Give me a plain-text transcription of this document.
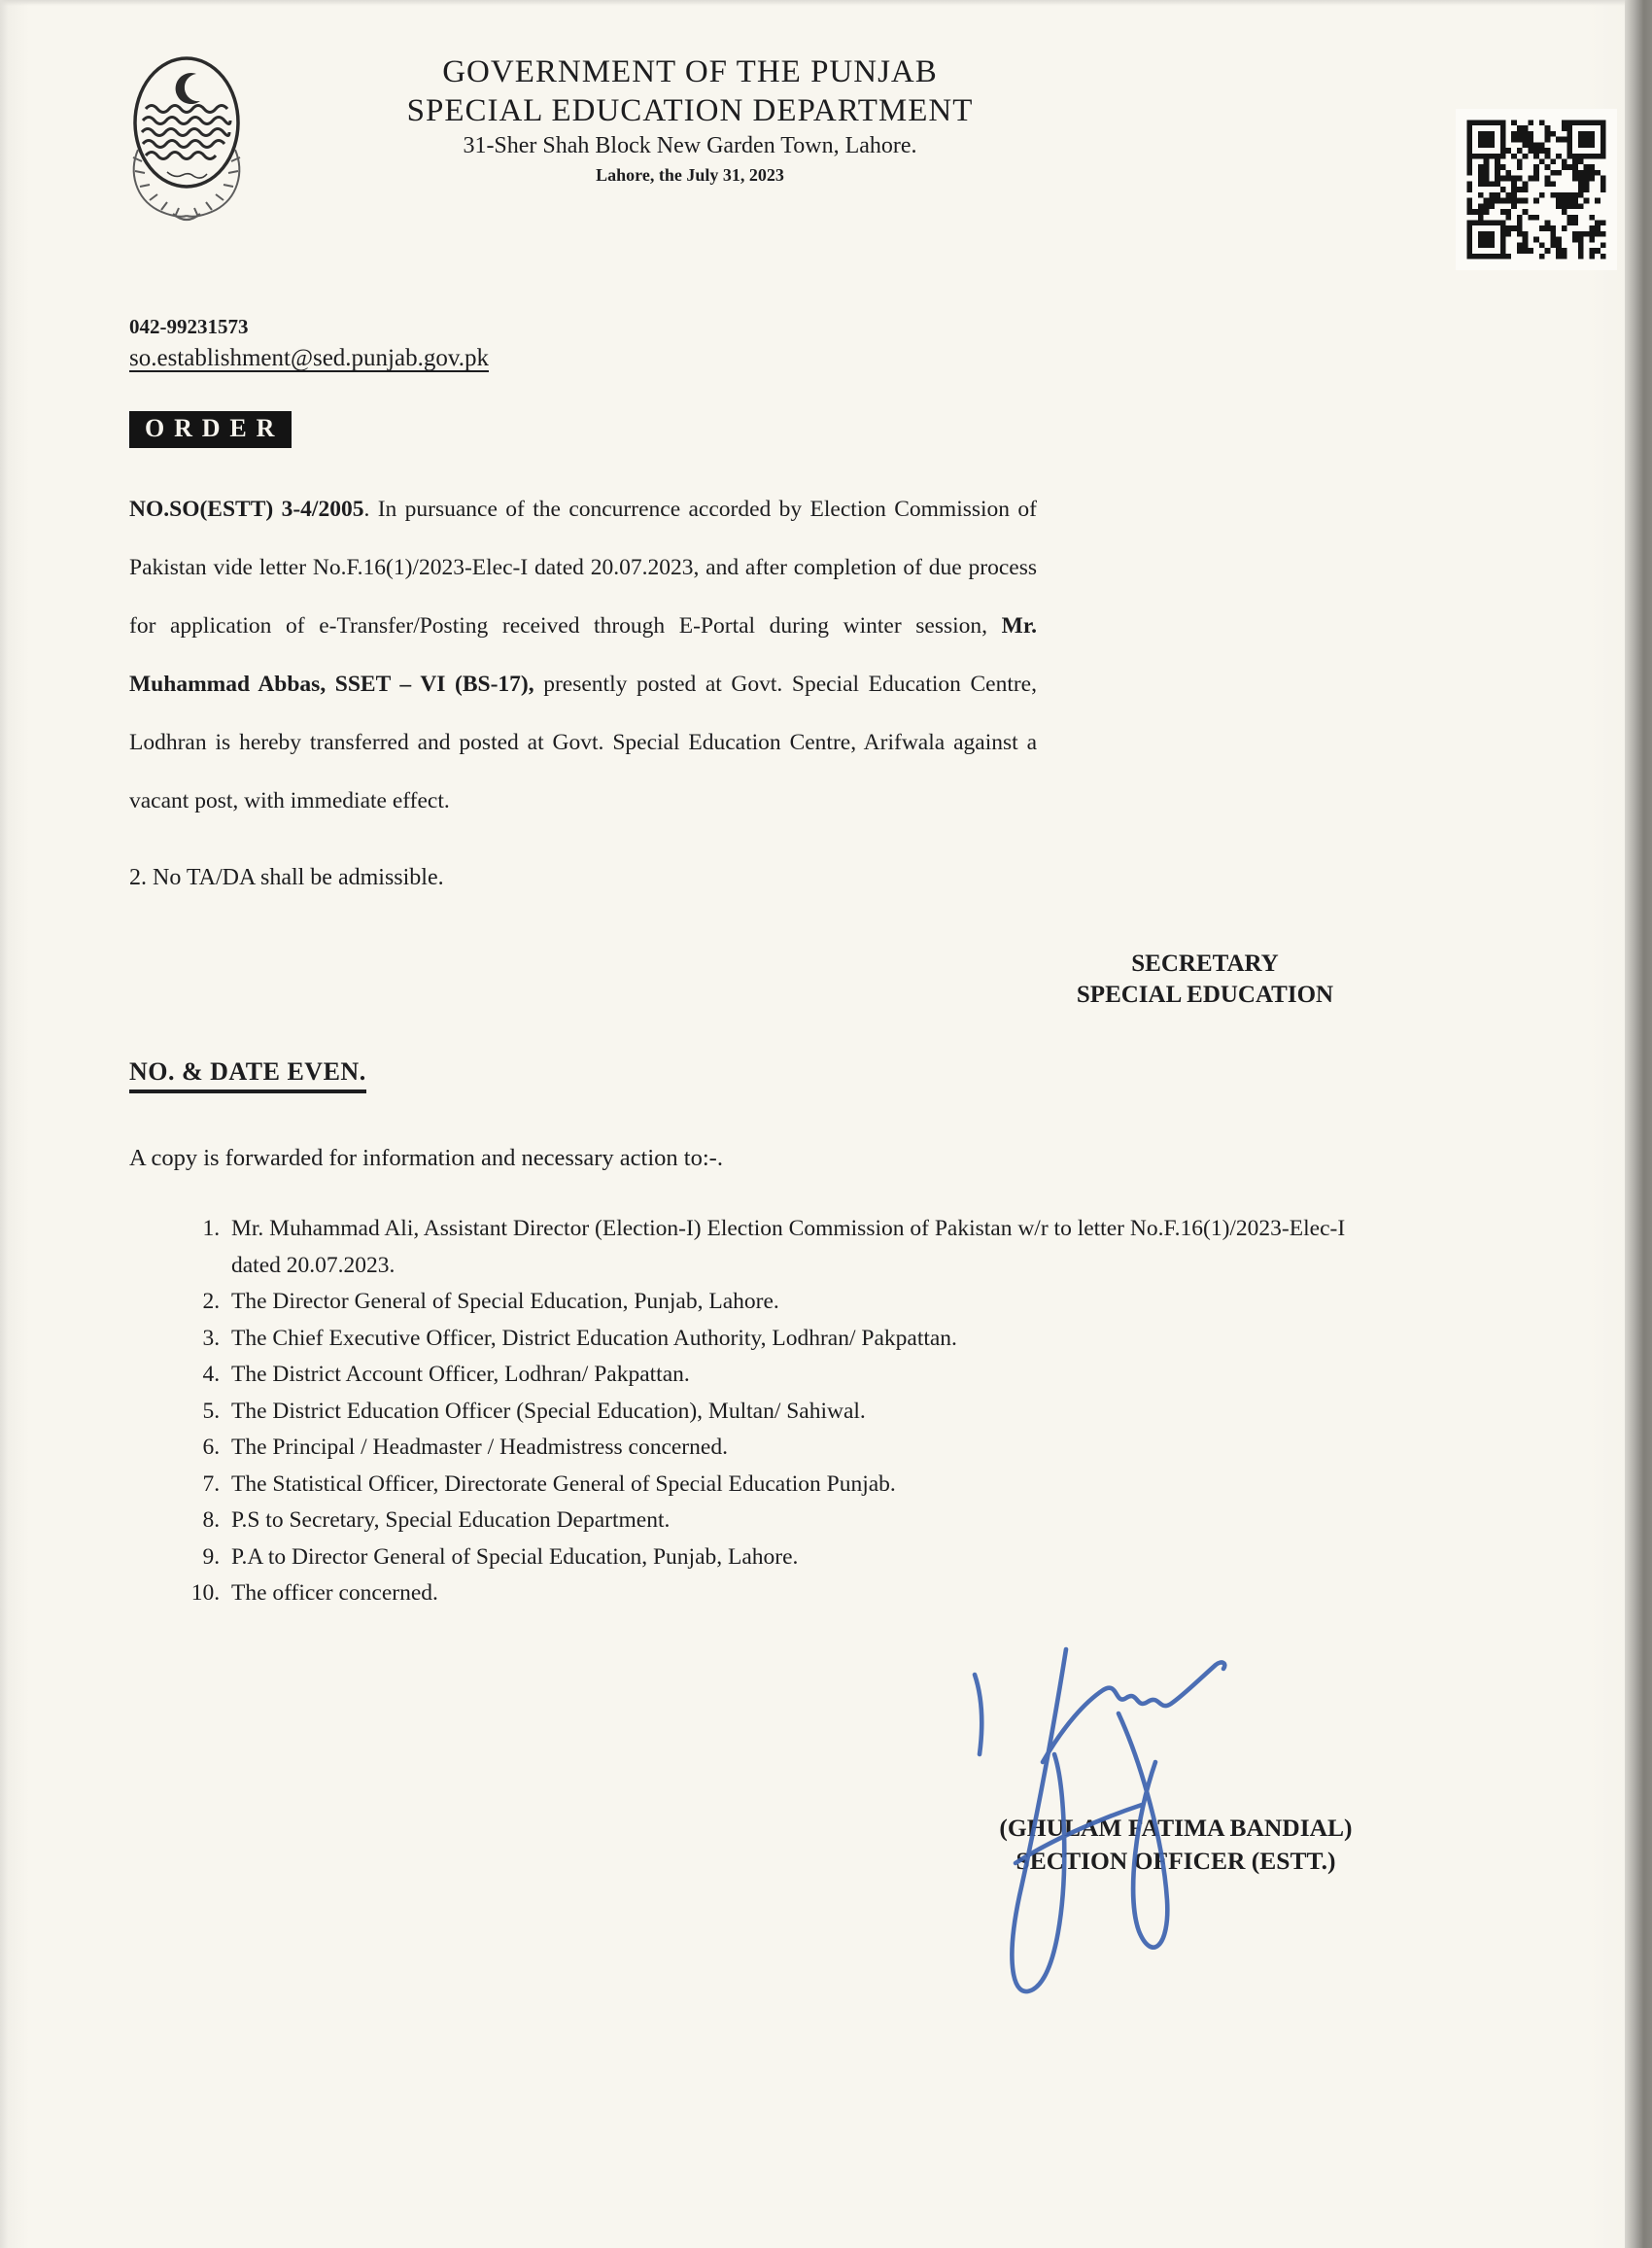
GOVERNMENT OF THE PUNJAB
SPECIAL EDUCATION DEPARTMENT
31-Sher Shah Block New Garden Town, Lahore.
Lahore, the July 31, 2023
042-99231573
so.establishment@sed.punjab.gov.pk
ORDER
NO.SO(ESTT) 3-4/2005. In pursuance of the concurrence accorded by Election Commission of Pakistan vide letter No.F.16(1)/2023-Elec-I dated 20.07.2023, and after completion of due process for application of e-Transfer/Posting received through E-Portal during winter session, Mr. Muhammad Abbas, SSET – VI (BS-17), presently posted at Govt. Special Education Centre, Lodhran is hereby transferred and posted at Govt. Special Education Centre, Arifwala against a vacant post, with immediate effect.
2. No TA/DA shall be admissible.
SECRETARY
SPECIAL EDUCATION
NO. & DATE EVEN.
A copy is forwarded for information and necessary action to:-.
1. Mr. Muhammad Ali, Assistant Director (Election-I) Election Commission of Pakistan w/r to letter No.F.16(1)/2023-Elec-I dated 20.07.2023.
2. The Director General of Special Education, Punjab, Lahore.
3. The Chief Executive Officer, District Education Authority, Lodhran/ Pakpattan.
4. The District Account Officer, Lodhran/ Pakpattan.
5. The District Education Officer (Special Education), Multan/ Sahiwal.
6. The Principal / Headmaster / Headmistress concerned.
7. The Statistical Officer, Directorate General of Special Education Punjab.
8. P.S to Secretary, Special Education Department.
9. P.A to Director General of Special Education, Punjab, Lahore.
10. The officer concerned.
(GHULAM FATIMA BANDIAL)
SECTION OFFICER (ESTT.)
